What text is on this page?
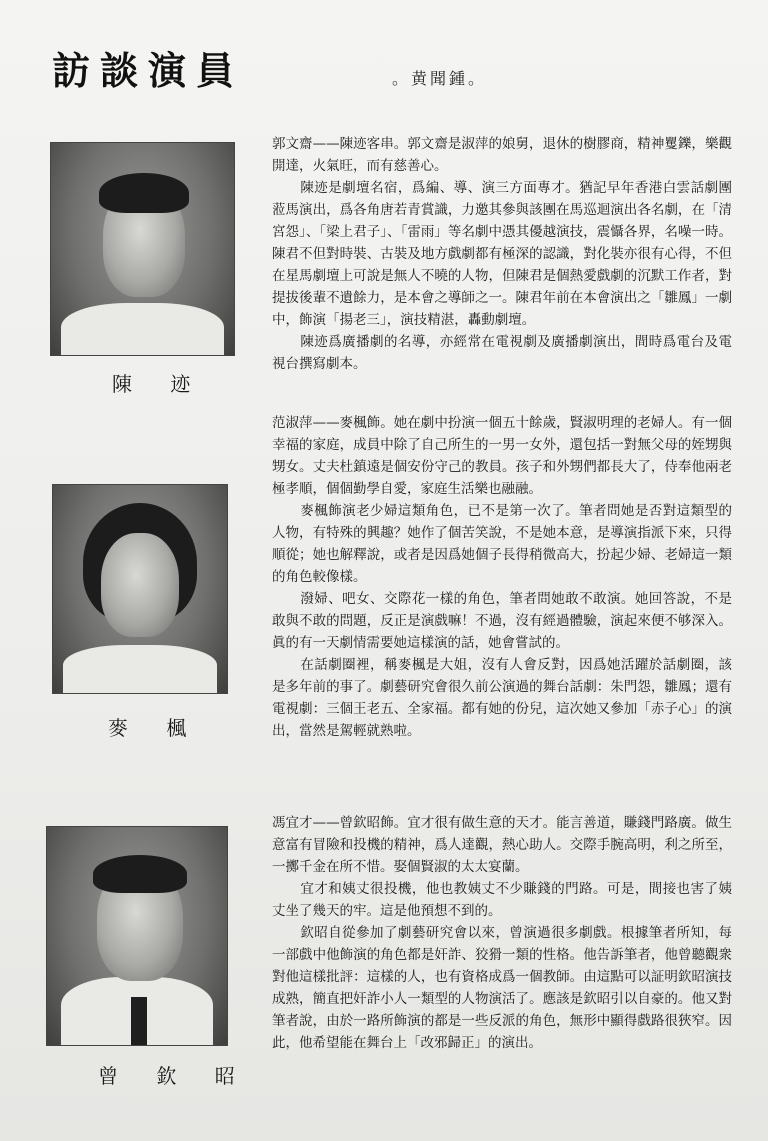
訪談演員	。黄聞鍾。
陳 迹
麥 楓
曾 欽 昭

郭文齋——陳迹客串。郭文齋是淑萍的娘舅，退休的樹膠商，精神矍鑠，樂觀開達，火氣旺，而有慈善心。

陳迹是劇壇名宿，爲編、導、演三方面專才。猶記早年香港白雲話劇團蒞馬演出，爲各角唐若青賞識，力邀其參與該團在馬巡迴演出各名劇，在「清宮怨」、「梁上君子」、「雷雨」等名劇中憑其優越演技，震懾各界，名噪一時。陳君不但對時裝、古裝及地方戲劇都有極深的認識，對化裝亦很有心得，不但在星馬劇壇上可說是無人不曉的人物，但陳君是個熱愛戲劇的沉默工作者，對提拔後輩不遺餘力，是本會之導師之一。陳君年前在本會演出之「雛鳳」一劇中，飾演「揚老三」，演技精湛，轟動劇壇。

陳迹爲廣播劇的名導，亦經常在電視劇及廣播劇演出，間時爲電台及電視台撰寫劇本。

范淑萍——麥楓飾。她在劇中扮演一個五十餘歲，賢淑明理的老婦人。有一個幸福的家庭，成員中除了自己所生的一男一女外，還包括一對無父母的姪甥與甥女。丈夫杜鎮遠是個安份守己的教員。孩子和外甥們都長大了，侍奉他兩老極孝順，個個勤學自愛，家庭生活樂也融融。

麥楓飾演老少婦這類角色，已不是第一次了。筆者問她是否對這類型的人物，有特殊的興趣？她作了個苦笑說，不是她本意，是導演指派下來，只得順從；她也解釋說，或者是因爲她個子長得稍微高大，扮起少婦、老婦這一類的角色較像樣。

潑婦、吧女、交際花一樣的角色，筆者問她敢不敢演。她回答說，不是敢與不敢的問題，反正是演戲嘛！不過，沒有經過體驗，演起來便不够深入。眞的有一天劇情需要她這樣演的話，她會嘗試的。

在話劇圈裡，稱麥楓是大姐，沒有人會反對，因爲她活躍於話劇圈，該是多年前的事了。劇藝研究會很久前公演過的舞台話劇：朱門怨，雛鳳；還有電視劇：三個王老五、全家福。都有她的份兒，這次她又參加「赤子心」的演出，當然是駕輕就熟啦。

馮宜才——曾欽昭飾。宜才很有做生意的天才。能言善道，賺錢門路廣。做生意富有冒險和投機的精神，爲人達觀，熱心助人。交際手腕高明，利之所至，一擲千金在所不惜。娶個賢淑的太太宴蘭。

宜才和姨丈很投機，他也教姨丈不少賺錢的門路。可是，間接也害了姨丈坐了幾天的牢。這是他預想不到的。

欽昭自從參加了劇藝研究會以來，曾演過很多劇戲。根據筆者所知，每一部戲中他飾演的角色都是奸詐、狡猾一類的性格。他告訴筆者，他曾聽觀衆對他這樣批評：這樣的人，也有資格成爲一個教師。由這點可以証明欽昭演技成熟，簡直把奸詐小人一類型的人物演活了。應該是欽昭引以自豪的。他又對筆者說，由於一路所飾演的都是一些反派的角色，無形中顯得戲路很狹窄。因此，他希望能在舞台上「改邪歸正」的演出。
